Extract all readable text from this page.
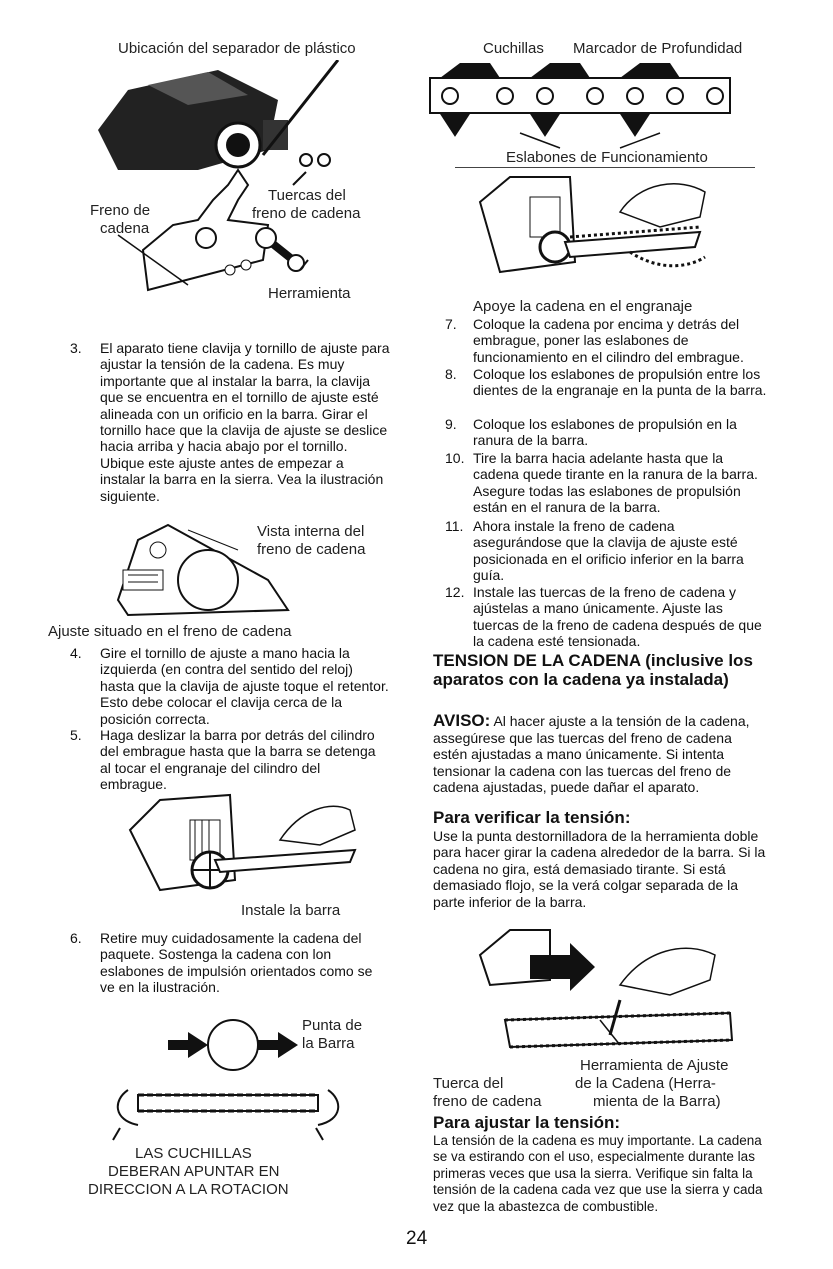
Ubicación del separador de plástico
Freno de
cadena
Tuercas del
freno de cadena
Herramienta
3. El aparato tiene clavija y tornillo de ajuste para ajustar la tensión de la cadena. Es muy importante que al instalar la barra, la clavija que se encuentra en el tornillo de ajuste esté alineada con un orificio en la barra. Girar el tornillo hace que la clavija de ajuste se deslice hacia arriba y hacia abajo por el tornillo. Ubique este ajuste antes de empezar a instalar la barra en la sierra. Vea la ilustración siguiente.
Vista interna del
freno de cadena
Ajuste situado en el freno de cadena
4. Gire el tornillo de ajuste a mano hacia la izquierda (en contra del sentido del reloj) hasta que la clavija de ajuste toque el retentor. Esto debe colocar el clavija cerca de la posición correcta.
5. Haga deslizar la barra por detrás del cilindro del embrague hasta que la barra se detenga al tocar el engranaje del cilindro del embrague.
Instale la barra
6. Retire muy cuidadosamente la cadena del paquete. Sostenga la cadena con lon eslabones de impulsión orientados como se ve en la ilustración.
Punta de
la Barra
LAS CUCHILLAS
DEBERAN APUNTAR EN
DIRECCION A LA ROTACION
Cuchillas Marcador de Profundidad
Eslabones de Funcionamiento
Apoye la cadena en el engranaje
7. Coloque la cadena por encima y detrás del embrague, poner las eslabones de funcionamiento en el cilindro del embrague.
8. Coloque los eslabones de propulsión entre los dientes de la engranaje en la punta de la barra.
9. Coloque los eslabones de propulsión en la ranura de la barra.
10. Tire la barra hacia adelante hasta que la cadena quede tirante en la ranura de la barra. Asegure todas las eslabones de propulsión están en el ranura de la barra.
11. Ahora instale la freno de cadena asegurándose que la clavija de ajuste esté posicionada en el orificio inferior en la barra guía.
12. Instale las tuercas de la freno de cadena y ajústelas a mano únicamente. Ajuste las tuercas de la freno de cadena después de que la cadena esté tensionada.
TENSION DE LA CADENA (inclusive los aparatos con la cadena ya instalada)
AVISO: Al hacer ajuste a la tensión de la cadena, assegúrese que las tuercas del freno de cadena estén ajustadas a mano únicamente. Si intenta tensionar la cadena con las tuercas del freno de cadena ajustadas, puede dañar el aparato.
Para verificar la tensión:
Use la punta destornilladora de la herramienta doble para hacer girar la cadena alrededor de la barra. Si la cadena no gira, está demasiado tirante. Si está demasiado flojo, se la verá colgar separada de la parte inferior de la barra.
Herramienta de Ajuste
de la Cadena (Herra-
mienta de la Barra)
Tuerca del
freno de cadena
Para ajustar la tensión:
La tensión de la cadena es muy importante. La cadena se va estirando con el uso, especialmente durante las primeras veces que usa la sierra. Verifique sin falta la tensión de la cadena cada vez que use la sierra y cada vez que la abastezca de combustible.
24
